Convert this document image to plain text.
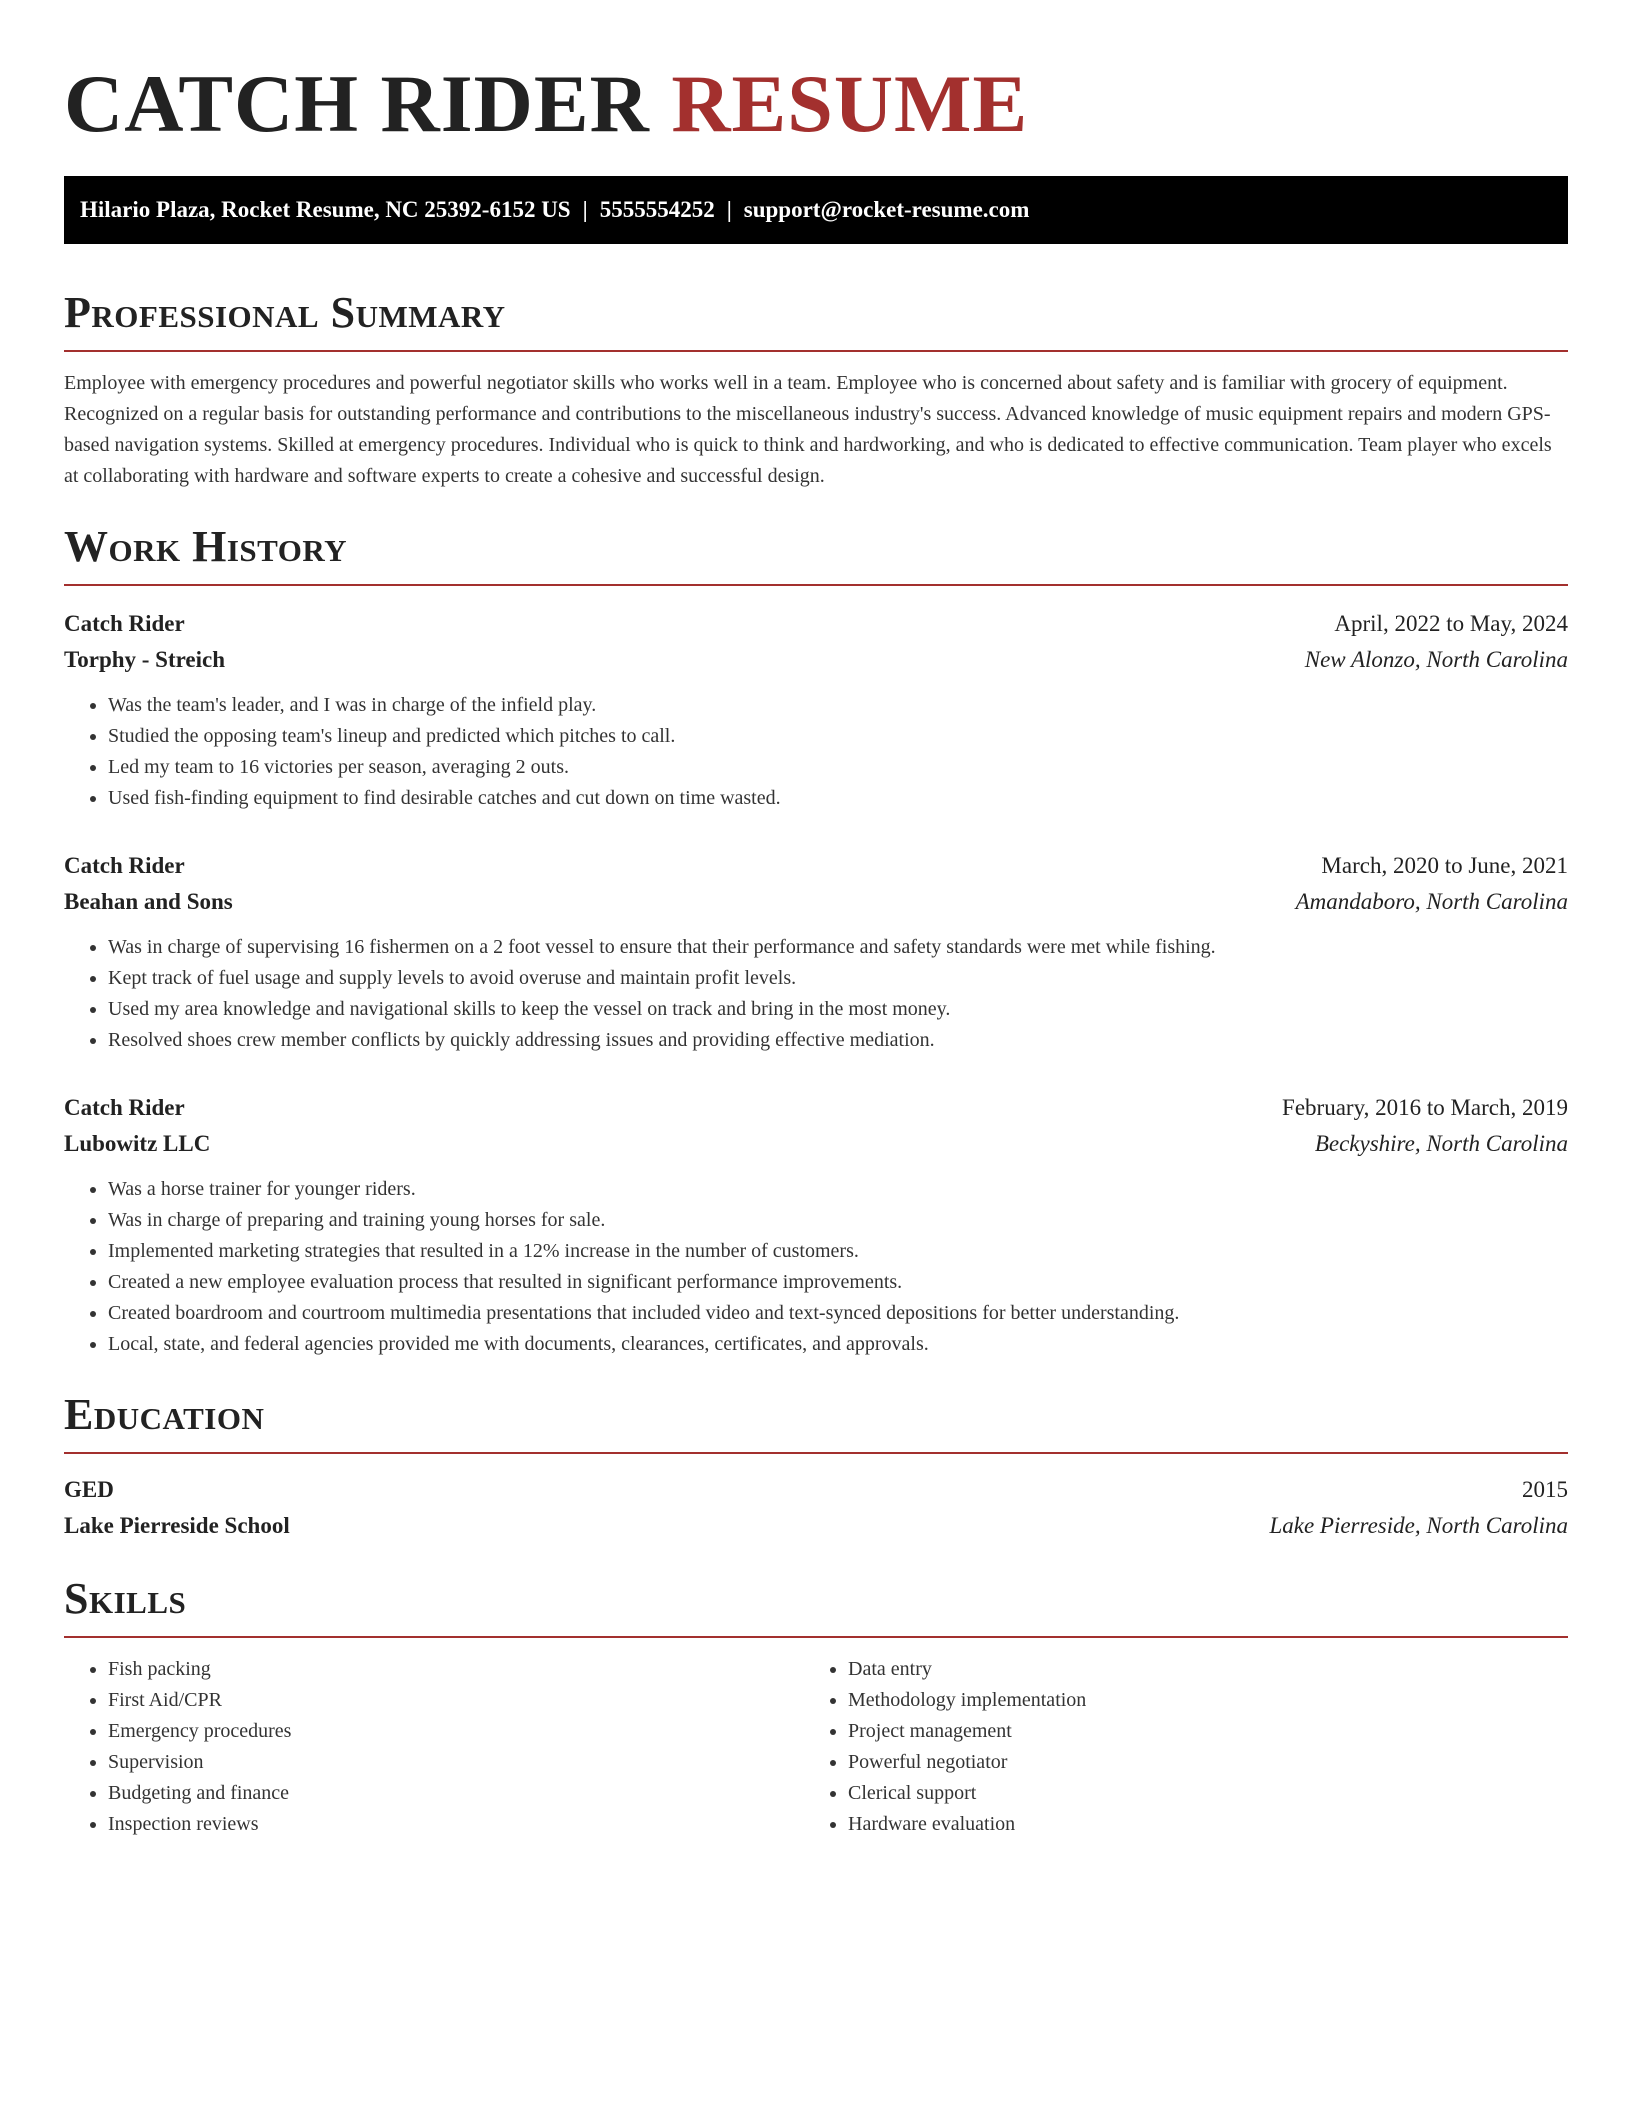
CATCH RIDER RESUME
Hilario Plaza, Rocket Resume, NC 25392-6152 US | 5555554252 | support@rocket-resume.com
Professional Summary

Employee with emergency procedures and powerful negotiator skills who works well in a team. Employee who is concerned about safety and is familiar with grocery of equipment. Recognized on a regular basis for outstanding performance and contributions to the miscellaneous industry's success. Advanced knowledge of music equipment repairs and modern GPS-based navigation systems. Skilled at emergency procedures. Individual who is quick to think and hardworking, and who is dedicated to effective communication. Team player who excels at collaborating with hardware and software experts to create a cohesive and successful design.

Work History
Catch Rider	April, 2022 to May, 2024
Torphy - Streich	New Alonzo, North Carolina
• Was the team's leader, and I was in charge of the infield play.
• Studied the opposing team's lineup and predicted which pitches to call.
• Led my team to 16 victories per season, averaging 2 outs.
• Used fish-finding equipment to find desirable catches and cut down on time wasted.
Catch Rider	March, 2020 to June, 2021
Beahan and Sons	Amandaboro, North Carolina
• Was in charge of supervising 16 fishermen on a 2 foot vessel to ensure that their performance and safety standards were met while fishing.
• Kept track of fuel usage and supply levels to avoid overuse and maintain profit levels.
• Used my area knowledge and navigational skills to keep the vessel on track and bring in the most money.
• Resolved shoes crew member conflicts by quickly addressing issues and providing effective mediation.
Catch Rider	February, 2016 to March, 2019
Lubowitz LLC	Beckyshire, North Carolina
• Was a horse trainer for younger riders.
• Was in charge of preparing and training young horses for sale.
• Implemented marketing strategies that resulted in a 12% increase in the number of customers.
• Created a new employee evaluation process that resulted in significant performance improvements.
• Created boardroom and courtroom multimedia presentations that included video and text-synced depositions for better understanding.
• Local, state, and federal agencies provided me with documents, clearances, certificates, and approvals.
Education
GED	2015
Lake Pierreside School	Lake Pierreside, North Carolina
Skills
• Fish packing
• First Aid/CPR
• Emergency procedures
• Supervision
• Budgeting and finance
• Inspection reviews
• Data entry
• Methodology implementation
• Project management
• Powerful negotiator
• Clerical support
• Hardware evaluation
